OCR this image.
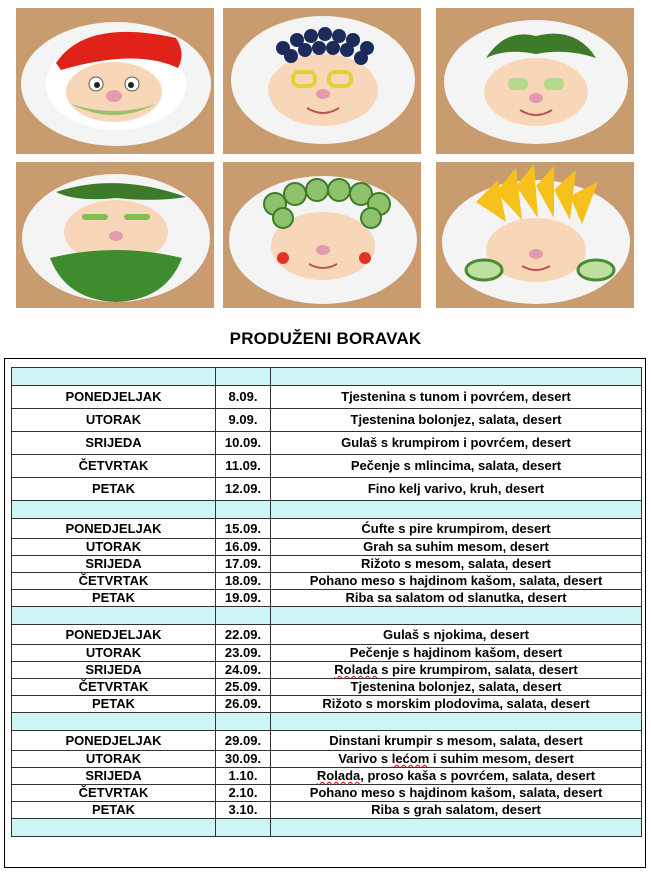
PRODUŽENI BORAVAK

PONEDJELJAK	8.09.	Tjestenina s tunom i povrćem, desert
UTORAK	9.09.	Tjestenina bolonjez, salata, desert
SRIJEDA	10.09.	Gulaš s krumpirom i povrćem, desert
ČETVRTAK	11.09.	Pečenje s mlincima, salata, desert
PETAK	12.09.	Fino kelj varivo, kruh, desert

PONEDJELJAK	15.09.	Ćufte s pire krumpirom, desert
UTORAK	16.09.	Grah sa suhim mesom, desert
SRIJEDA	17.09.	Rižoto s mesom, salata, desert
ČETVRTAK	18.09.	Pohano meso s hajdinom kašom, salata, desert
PETAK	19.09.	Riba sa salatom od slanutka, desert

PONEDJELJAK	22.09.	Gulaš s njokima, desert
UTORAK	23.09.	Pečenje s hajdinom kašom, desert
SRIJEDA	24.09.	Rolada s pire krumpirom, salata, desert
ČETVRTAK	25.09.	Tjestenina bolonjez, salata, desert
PETAK	26.09.	Rižoto s morskim plodovima, salata, desert

PONEDJELJAK	29.09.	Dinstani krumpir s mesom, salata, desert
UTORAK	30.09.	Varivo s lećom i suhim mesom, desert
SRIJEDA	1.10.	Rolada, proso kaša s povrćem, salata, desert
ČETVRTAK	2.10.	Pohano meso s hajdinom kašom, salata, desert
PETAK	3.10.	Riba s grah salatom, desert
